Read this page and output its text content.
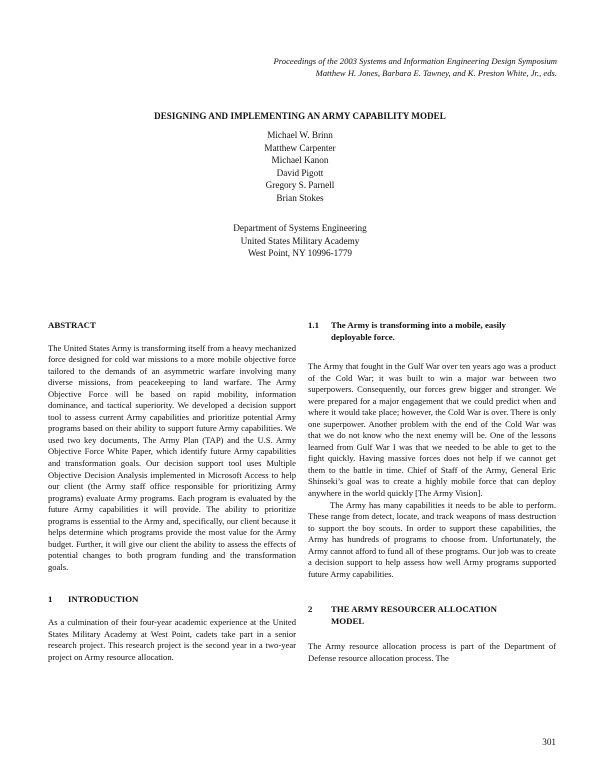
Proceedings of the 2003 Systems and Information Engineering Design Symposium
Matthew H. Jones, Barbara E. Tawney, and K. Preston White, Jr., eds.
DESIGNING AND IMPLEMENTING AN ARMY CAPABILITY MODEL
Michael W. Brinn
Matthew Carpenter
Michael Kanon
David Pigott
Gregory S. Parnell
Brian Stokes
Department of Systems Engineering
United States Military Academy
West Point, NY 10996-1779
ABSTRACT

The United States Army is transforming itself from a heavy mechanized force designed for cold war missions to a more mobile objective force tailored to the demands of an asymmetric warfare involving many diverse missions, from peacekeeping to land warfare. The Army Objective Force will be based on rapid mobility, information dominance, and tactical superiority. We developed a decision support tool to assess current Army capabilities and prioritize potential Army programs based on their ability to support future Army capabilities. We used two key documents, The Army Plan (TAP) and the U.S. Army Objective Force White Paper, which identify future Army capabilities and transformation goals. Our decision support tool uses Multiple Objective Decision Analysis implemented in Microsoft Access to help our client (the Army staff office responsible for prioritizing Army programs) evaluate Army programs. Each program is evaluated by the future Army capabilities it will provide. The ability to prioritize programs is essential to the Army and, specifically, our client because it helps determine which programs provide the most value for the Army budget. Further, it will give our client the ability to assess the effects of potential changes to both program funding and the transformation goals.

1 INTRODUCTION

As a culmination of their four-year academic experience at the United States Military Academy at West Point, cadets take part in a senior research project. This research project is the second year in a two-year project on Army resource allocation.

1.1 The Army is transforming into a mobile, easily
deployable force.

The Army that fought in the Gulf War over ten years ago was a product of the Cold War; it was built to win a major war between two superpowers. Consequently, our forces grew bigger and stronger. We were prepared for a major engagement that we could predict when and where it would take place; however, the Cold War is over. There is only one superpower. Another problem with the end of the Cold War was that we do not know who the next enemy will be. One of the lessons learned from Gulf War I was that we needed to be able to get to the fight quickly. Having massive forces does not help if we cannot get them to the battle in time. Chief of Staff of the Army, General Eric Shinseki’s goal was to create a highly mobile force that can deploy anywhere in the world quickly [The Army Vision].

The Army has many capabilities it needs to be able to perform. These range from detect, locate, and track weapons of mass destruction to support the boy scouts. In order to support these capabilities, the Army has hundreds of programs to choose from. Unfortunately, the Army cannot afford to fund all of these programs. Our job was to create a decision support to help assess how well Army programs supported future Army capabilities.

2 THE ARMY RESOURCER ALLOCATION
MODEL

The Army resource allocation process is part of the Department of Defense resource allocation process. The

301
